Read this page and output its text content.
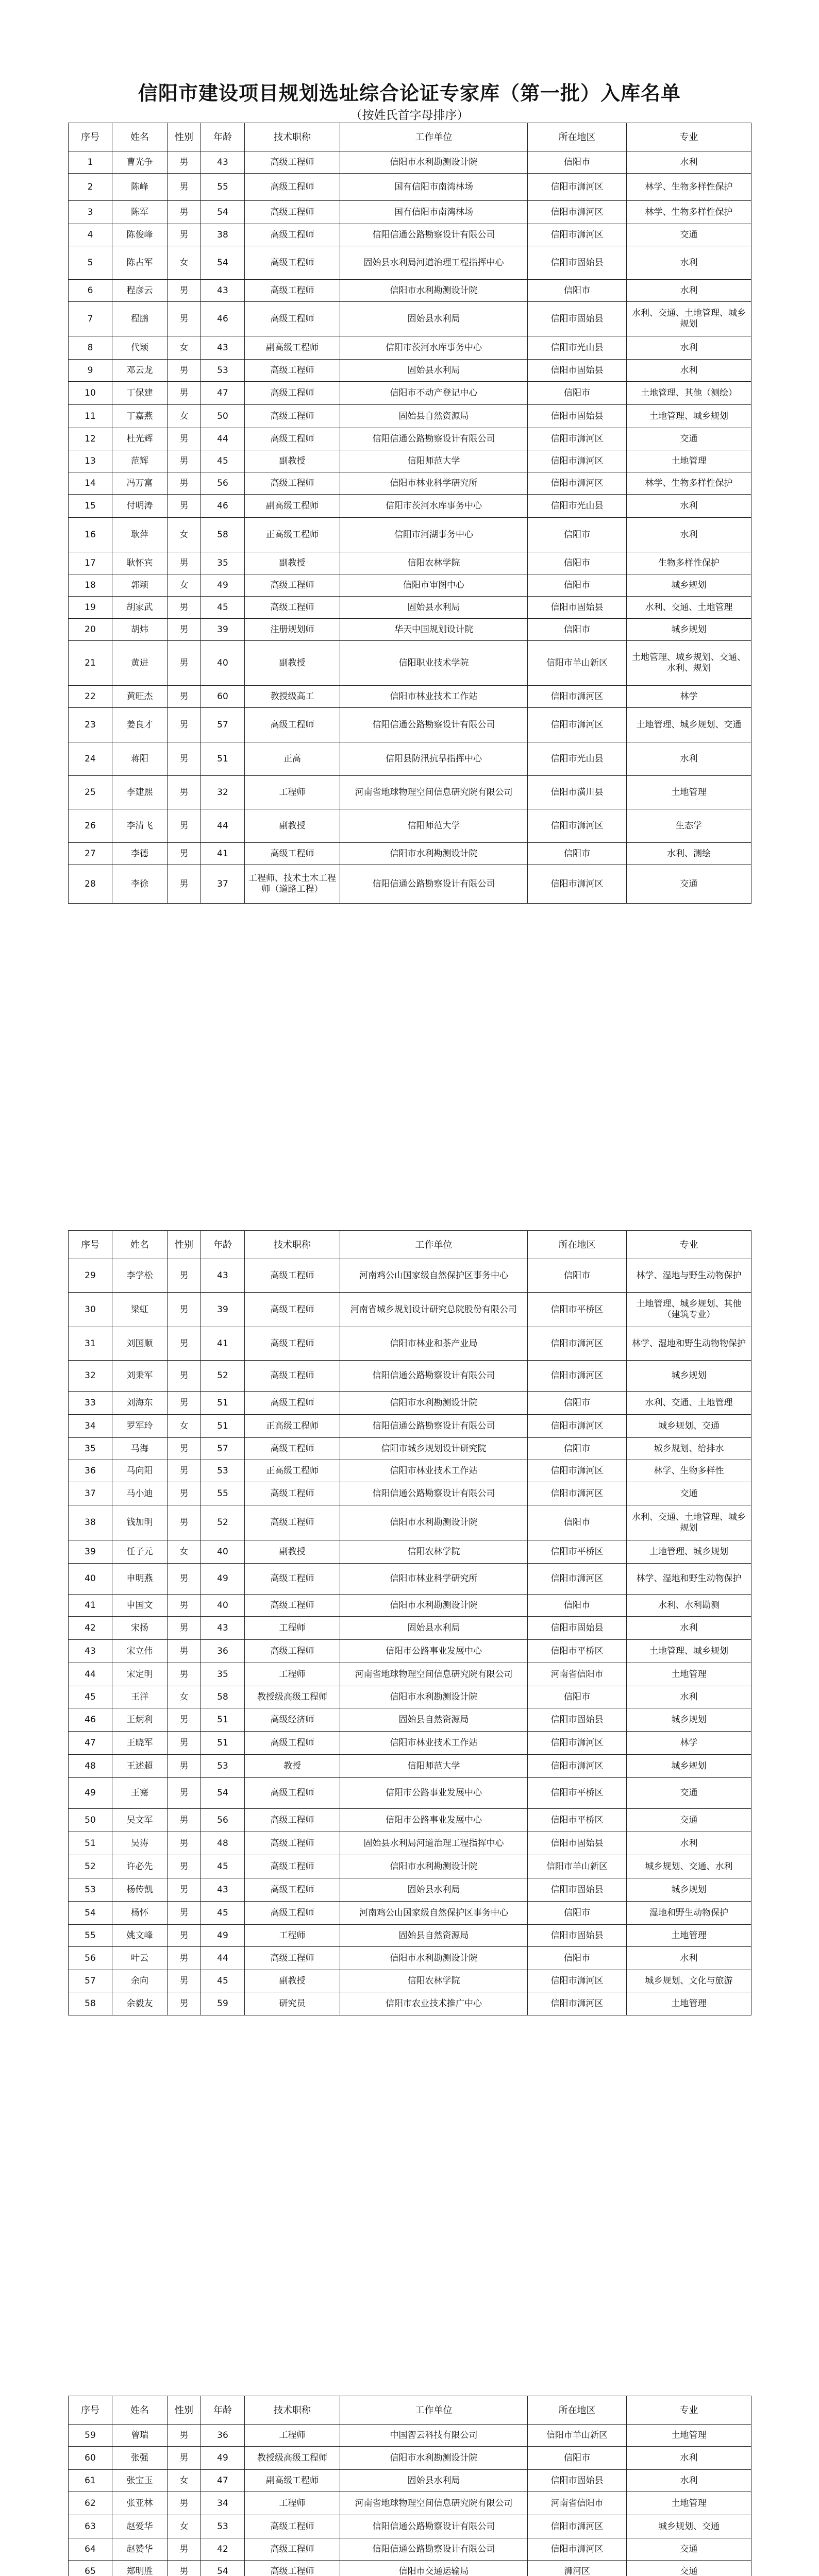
信阳市建设项目规划选址综合论证专家库（第一批）入库名单
（按姓氏首字母排序）
序号	姓名	性别	年龄	技术职称	工作单位	所在地区	专业
1	曹光争	男	43	高级工程师	信阳市水利勘测设计院	信阳市	水利
2	陈峰	男	55	高级工程师	国有信阳市南湾林场	信阳市浉河区	林学、生物多样性保护
3	陈军	男	54	高级工程师	国有信阳市南湾林场	信阳市浉河区	林学、生物多样性保护
4	陈俊峰	男	38	高级工程师	信阳信通公路勘察设计有限公司	信阳市浉河区	交通
5	陈占军	女	54	高级工程师	固始县水利局河道治理工程指挥中心	信阳市固始县	水利
6	程彦云	男	43	高级工程师	信阳市水利勘测设计院	信阳市	水利
7	程鹏	男	46	高级工程师	固始县水利局	信阳市固始县	水利、交通、土地管理、城乡规划
8	代颖	女	43	副高级工程师	信阳市茨河水库事务中心	信阳市光山县	水利
9	邓云龙	男	53	高级工程师	固始县水利局	信阳市固始县	水利
10	丁保建	男	47	高级工程师	信阳市不动产登记中心	信阳市	土地管理、其他（测绘）
11	丁嘉燕	女	50	高级工程师	固始县自然资源局	信阳市固始县	土地管理、城乡规划
12	杜光辉	男	44	高级工程师	信阳信通公路勘察设计有限公司	信阳市浉河区	交通
13	范辉	男	45	副教授	信阳师范大学	信阳市浉河区	土地管理
14	冯万富	男	56	高级工程师	信阳市林业科学研究所	信阳市浉河区	林学、生物多样性保护
15	付明涛	男	46	副高级工程师	信阳市茨河水库事务中心	信阳市光山县	水利
16	耿萍	女	58	正高级工程师	信阳市河湖事务中心	信阳市	水利
17	耿怀宾	男	35	副教授	信阳农林学院	信阳市	生物多样性保护
18	郭颖	女	49	高级工程师	信阳市审图中心	信阳市	城乡规划
19	胡家武	男	45	高级工程师	固始县水利局	信阳市固始县	水利、交通、土地管理
20	胡炜	男	39	注册规划师	华天中国规划设计院	信阳市	城乡规划
21	黄进	男	40	副教授	信阳职业技术学院	信阳市羊山新区	土地管理、城乡规划、交通、水利、规划
22	黄旺杰	男	60	教授级高工	信阳市林业技术工作站	信阳市浉河区	林学
23	姜良才	男	57	高级工程师	信阳信通公路勘察设计有限公司	信阳市浉河区	土地管理、城乡规划、交通
24	蒋阳	男	51	正高	信阳县防汛抗旱指挥中心	信阳市光山县	水利
25	李建熙	男	32	工程师	河南省地球物理空间信息研究院有限公司	信阳市潢川县	土地管理
26	李清飞	男	44	副教授	信阳师范大学	信阳市浉河区	生态学
27	李德	男	41	高级工程师	信阳市水利勘测设计院	信阳市	水利、测绘
28	李徐	男	37	工程师、技术土木工程师（道路工程）	信阳信通公路勘察设计有限公司	信阳市浉河区	交通
序号	姓名	性别	年龄	技术职称	工作单位	所在地区	专业
29	李学松	男	43	高级工程师	河南鸡公山国家级自然保护区事务中心	信阳市	林学、湿地与野生动物保护
30	梁虹	男	39	高级工程师	河南省城乡规划设计研究总院股份有限公司	信阳市平桥区	土地管理、城乡规划、其他（建筑专业）
31	刘国顺	男	41	高级工程师	信阳市林业和茶产业局	信阳市浉河区	林学、湿地和野生动物物保护
32	刘秉军	男	52	高级工程师	信阳信通公路勘察设计有限公司	信阳市浉河区	城乡规划
33	刘海东	男	51	高级工程师	信阳市水利勘测设计院	信阳市	水利、交通、土地管理
34	罗军玲	女	51	正高级工程师	信阳信通公路勘察设计有限公司	信阳市浉河区	城乡规划、交通
35	马海	男	57	高级工程师	信阳市城乡规划设计研究院	信阳市	城乡规划、给排水
36	马向阳	男	53	正高级工程师	信阳市林业技术工作站	信阳市浉河区	林学、生物多样性
37	马小迪	男	55	高级工程师	信阳信通公路勘察设计有限公司	信阳市浉河区	交通
38	钱加明	男	52	高级工程师	信阳市水利勘测设计院	信阳市	水利、交通、土地管理、城乡规划
39	任子元	女	40	副教授	信阳农林学院	信阳市平桥区	土地管理、城乡规划
40	申明燕	男	49	高级工程师	信阳市林业科学研究所	信阳市浉河区	林学、湿地和野生动物保护
41	申国文	男	40	高级工程师	信阳市水利勘测设计院	信阳市	水利、水利勘测
42	宋扬	男	43	工程师	固始县水利局	信阳市固始县	水利
43	宋立伟	男	36	高级工程师	信阳市公路事业发展中心	信阳市平桥区	土地管理、城乡规划
44	宋定明	男	35	工程师	河南省地球物理空间信息研究院有限公司	河南省信阳市	土地管理
45	王洋	女	58	教授级高级工程师	信阳市水利勘测设计院	信阳市	水利
46	王炳利	男	51	高级经济师	固始县自然资源局	信阳市固始县	城乡规划
47	王晓军	男	51	高级工程师	信阳市林业技术工作站	信阳市浉河区	林学
48	王述超	男	53	教授	信阳师范大学	信阳市浉河区	城乡规划
49	王騫	男	54	高级工程师	信阳市公路事业发展中心	信阳市平桥区	交通
50	吴文军	男	56	高级工程师	信阳市公路事业发展中心	信阳市平桥区	交通
51	吴涛	男	48	高级工程师	固始县水利局河道治理工程指挥中心	信阳市固始县	水利
52	许必先	男	45	高级工程师	信阳市水利勘测设计院	信阳市羊山新区	城乡规划、交通、水利
53	杨传凯	男	43	高级工程师	固始县水利局	信阳市固始县	城乡规划
54	杨怀	男	45	高级工程师	河南鸡公山国家级自然保护区事务中心	信阳市	湿地和野生动物保护
55	姚文峰	男	49	工程师	固始县自然资源局	信阳市固始县	土地管理
56	叶云	男	44	高级工程师	信阳市水利勘测设计院	信阳市	水利
57	余向	男	45	副教授	信阳农林学院	信阳市浉河区	城乡规划、文化与旅游
58	余毅友	男	59	研究员	信阳市农业技术推广中心	信阳市浉河区	土地管理
序号	姓名	性别	年龄	技术职称	工作单位	所在地区	专业
59	曾瑞	男	36	工程师	中国智云科技有限公司	信阳市羊山新区	土地管理
60	张强	男	49	教授级高级工程师	信阳市水利勘测设计院	信阳市	水利
61	张宝玉	女	47	副高级工程师	固始县水利局	信阳市固始县	水利
62	张亚林	男	34	工程师	河南省地球物理空间信息研究院有限公司	河南省信阳市	土地管理
63	赵爱华	女	53	高级工程师	信阳信通公路勘察设计有限公司	信阳市浉河区	城乡规划、交通
64	赵赞华	男	42	高级工程师	信阳信通公路勘察设计有限公司	信阳市浉河区	交通
65	郑明胜	男	54	高级工程师	信阳市交通运输局	浉河区	交通
